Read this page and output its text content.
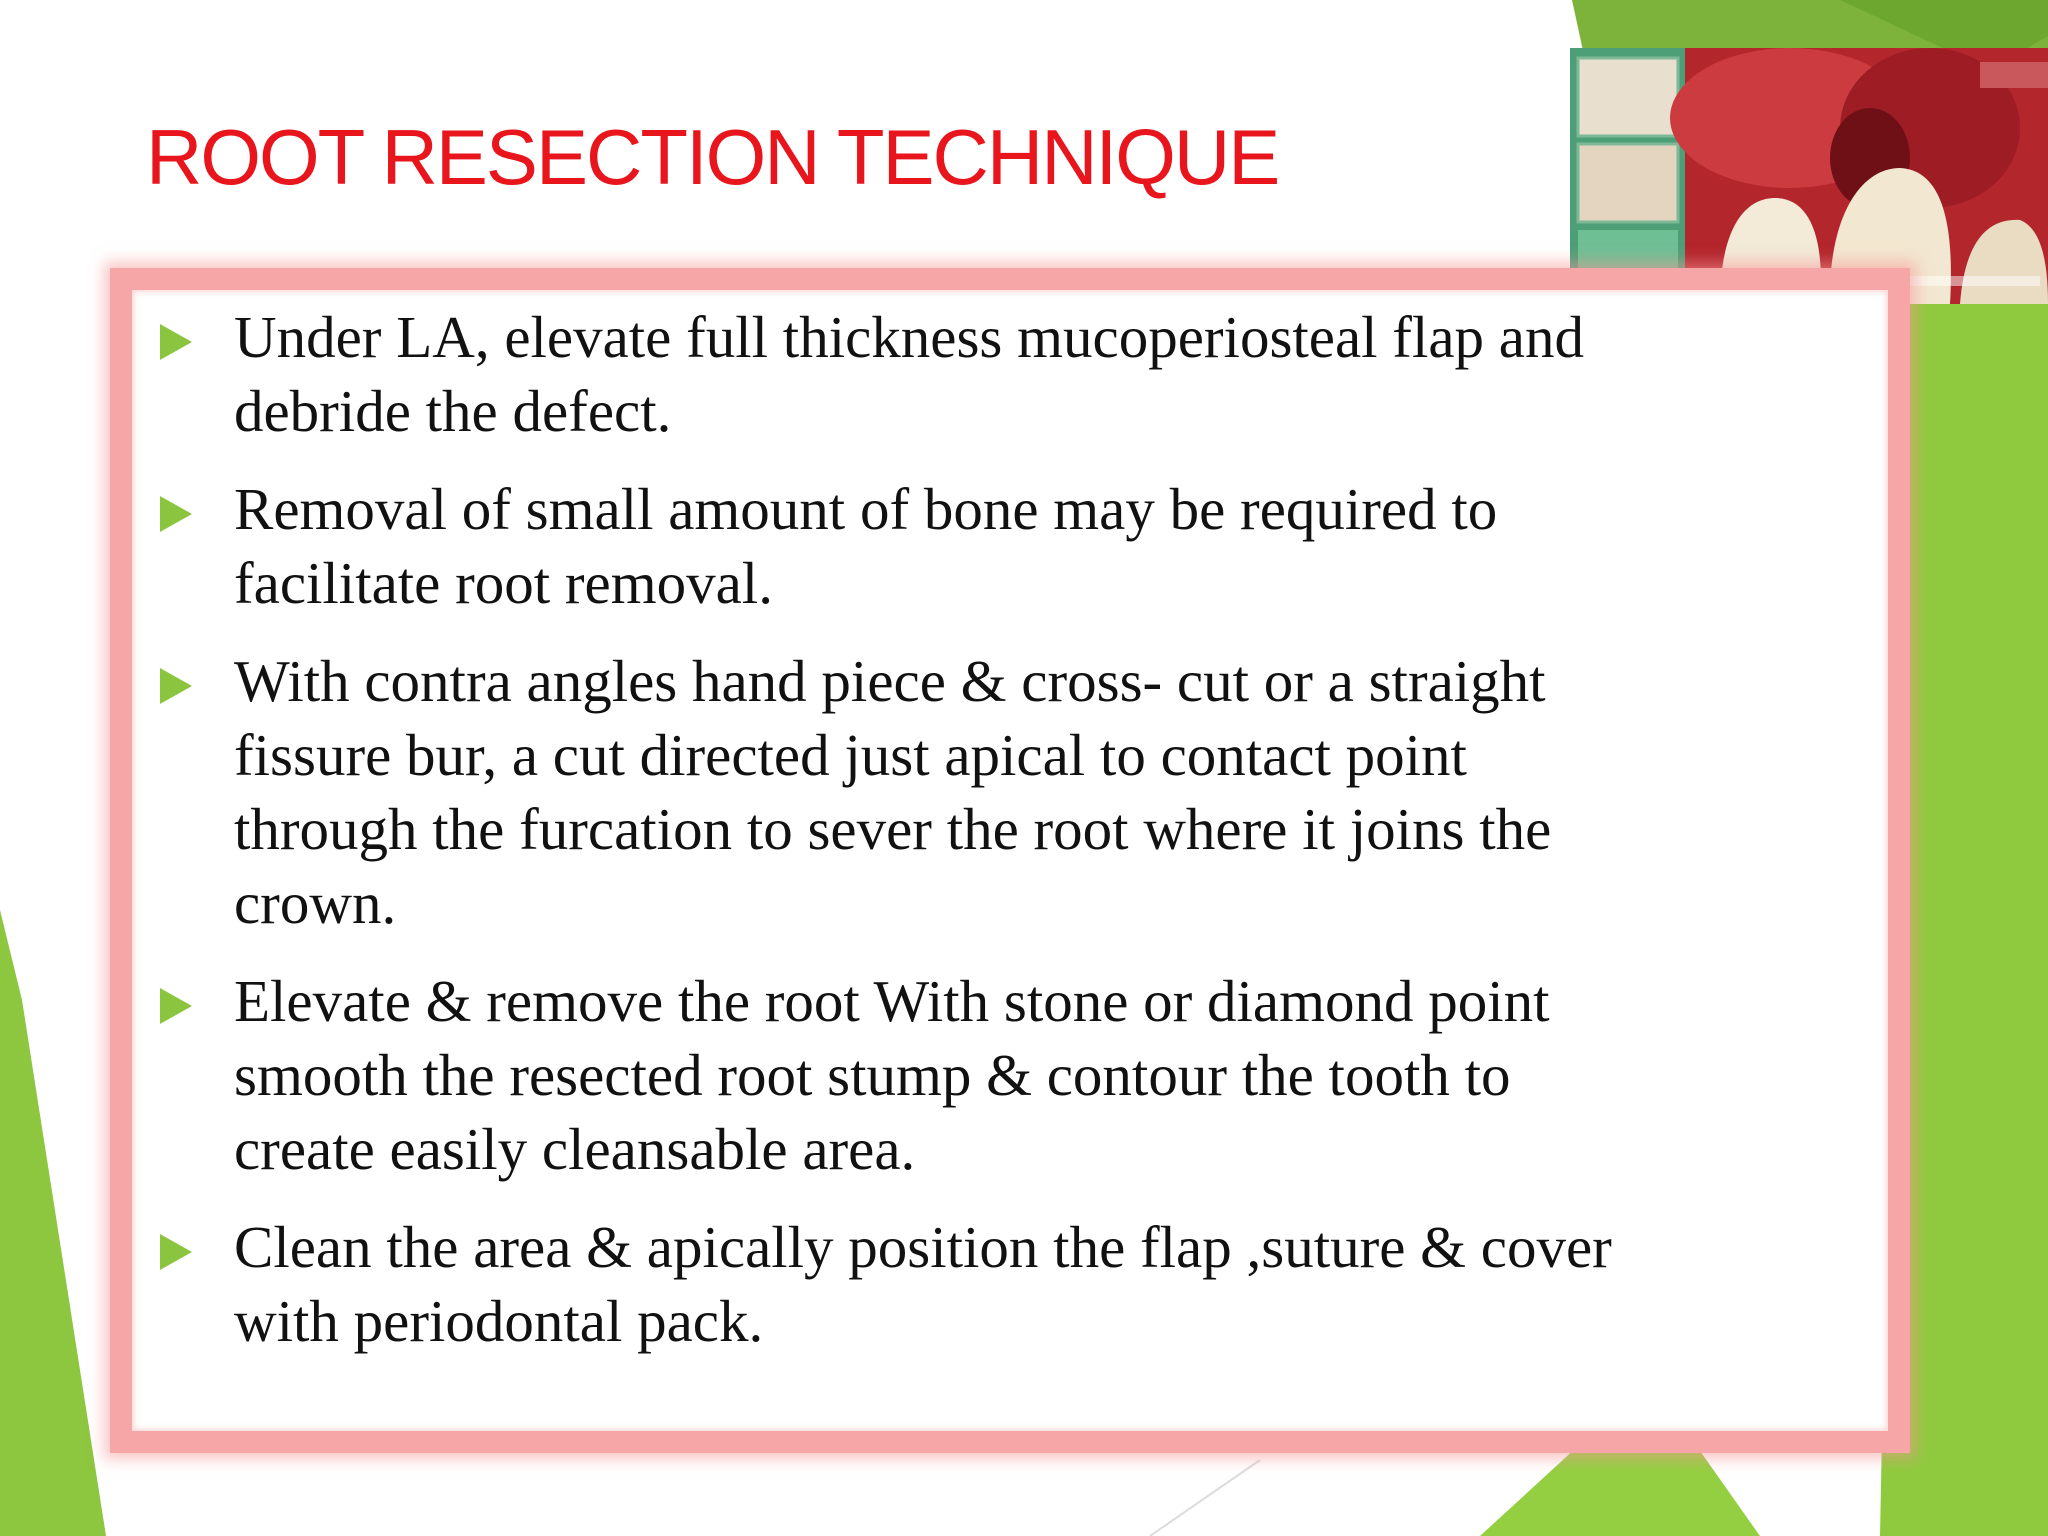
ROOT RESECTION TECHNIQUE
Under LA, elevate full thickness mucoperiosteal flap and
debride the defect.
Removal of small amount of bone may be required to
facilitate root removal.
With contra angles hand piece & cross- cut or a straight
fissure bur, a cut directed just apical to contact point
through the furcation to sever the root where it joins the
crown.
Elevate & remove the root With stone or diamond point
smooth the resected root stump & contour the tooth to
create easily cleansable area.
Clean the area & apically position the flap ,suture & cover
with periodontal pack.
